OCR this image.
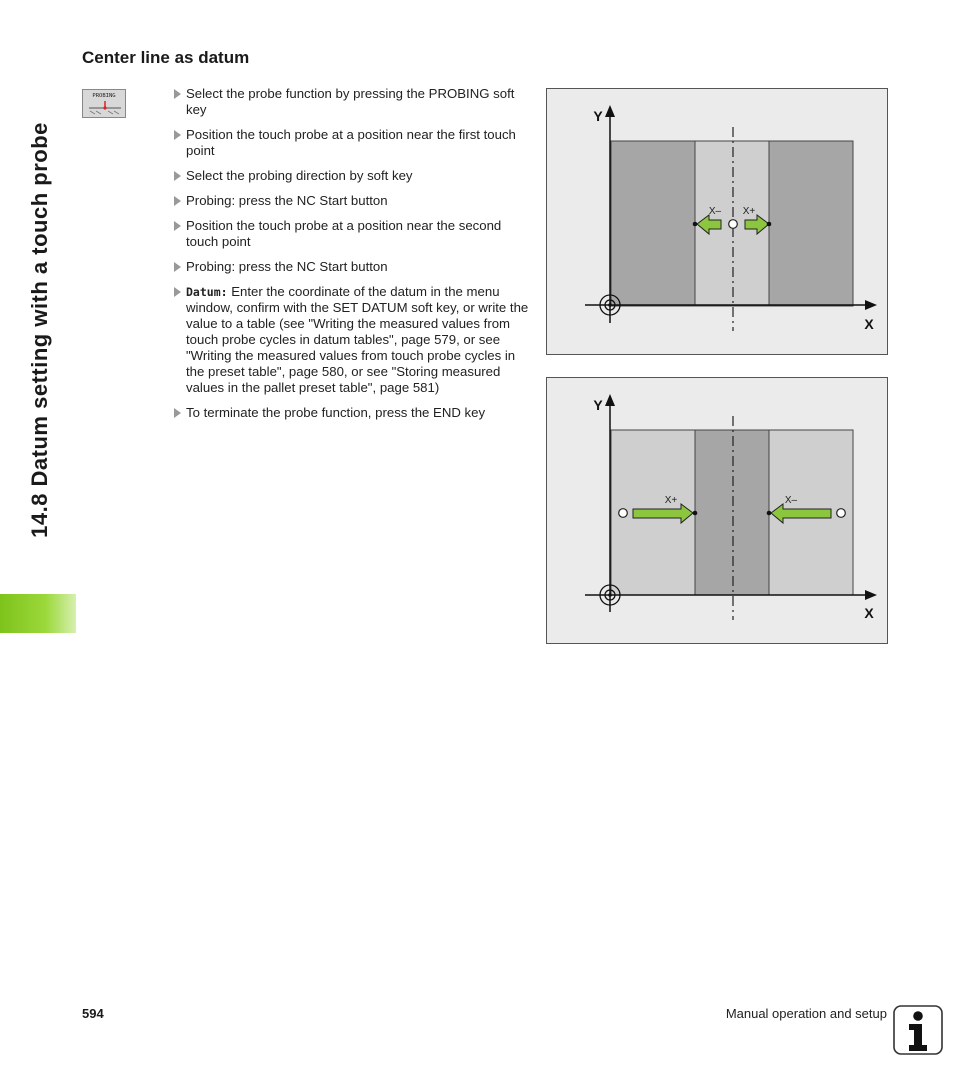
14.8 Datum setting with a touch probe
Center line as datum
PROBING	Select the probe function by pressing the PROBING soft key
Position the touch probe at a position near the first touch point
Select the probing direction by soft key
Probing: press the NC Start button
Position the touch probe at a position near the second touch point
Probing: press the NC Start button
Datum: Enter the coordinate of the datum in the menu window, confirm with the SET DATUM soft key, or write the value to a table (see "Writing the measured values from touch probe cycles in datum tables", page 579, or see "Writing the measured values from touch probe cycles in the preset table", page 580, or see "Storing measured values in the pallet preset table", page 581)
To terminate the probe function, press the END key
X– X+
Y
X
X+	X–
Y
X
594	Manual operation and setup
